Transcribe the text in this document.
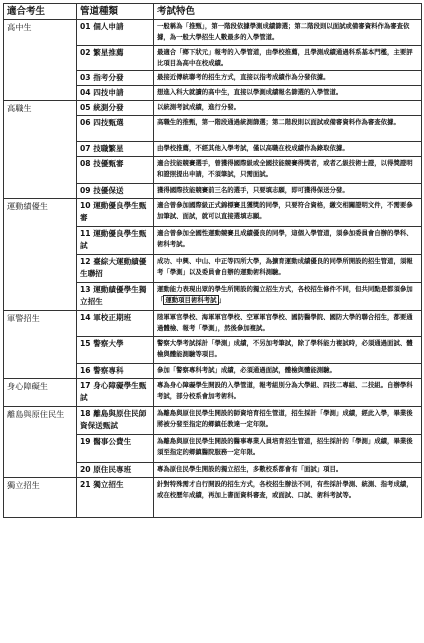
適合考生	管道種類	考試特色
高中生	01 個人申請	一般稱為「推甄」，第一階段依據學測成績篩選；第二階段則以面試或備審資料作為審查依據，為一般大學招生人數最多的入學管道。
	02 繁星推薦	最適合「鄉下狀元」報考的入學管道，由學校推薦，且學測成績通過科系基本門檻，主要評比項目為高中在校成績。
	03 指考分發	最接近傳統聯考的招生方式，直接以指考成績作為分發依據。
	04 四技申請	想進入科大就讀的高中生，直接以學測成績報名篩選的入學管道。
高職生	05 統測分發	以統測考試成績，進行分發。
	06 四技甄選	高職生的推甄，第一階段通過統測篩選；第二階段則以面試或備審資料作為審查依據。
	07 技職繁星	由學校推薦，不經其他入學考試，僅以高職在校成績作為錄取依據。
	08 技優甄審	適合技能競賽選手，曾獲得國際級或全國技能競賽得獎者，或者乙級技術士證，以得獎證明和證照提出申請，不須筆試，只需面試。
	09 技優保送	獲得國際技能競賽前三名的選手，只要填志願，即可獲得保送分發。
運動績優生	10 運動優良學生甄審	適合曾參加國際級正式錦標賽且獲獎的同學，只要符合資格，繳交相關證明文件，不需要參加筆試、面試，就可以直接選填志願。
	11 運動優良學生甄試	適合曾參加全國性運動競賽且成績優良的同學，這個入學管道，須參加委員會自辦的學科、術科考試。
	12 臺綜大運動績優生聯招	成功、中興、中山、中正等四所大學，為擴育運動成績優良的同學所開設的招生管道，須報考「學測」以及委員會自辦的運動術科測驗。
	13 運動績優學生獨立招生	運動能力表現出眾的學生所開設的獨立招生方式，各校招生條件不同，但共同點是都須參加「 運動項目術科考試 」
軍警招生	14 軍校正期班	陸軍軍官學校、海軍軍官學校、空軍軍官學校、國防醫學院、國防大學的聯合招生，都要通過體檢、報考「學測」，然後參加複試。
	15 警察大學	警察大學考試採計「學測」成績，不另加考筆試，除了學科能力複試時，必須通過面試、體檢與體能測驗等項目。
	16 警察專科	參加「警察專科考試」成績，必須通過面試，體檢與體能測驗。
身心障礙生	17 身心障礙學生甄試	專為身心障礙學生開設的入學管道，報考組別分為大學組、四技二專組、二技組。自辦學科考試，部分校系會加考術科。
離島與原住民生	18 離島與原住民師資保送甄試	為離島與原住民學生開設的師資培育招生管道，招生採計「學測」成績，經此入學，畢業後將被分發至指定的鄉鎮任教達一定年限。
	19 醫事公費生	為離島與原住民學生開設的醫事專業人員培育招生管道，招生採計的「學測」成績，畢業後須至指定的鄉鎮醫院服務一定年限。
	20 原住民專班	專為原住民學生開設的獨立招生，多數校系都會有「面試」項目。
獨立招生	21 獨立招生	針對特殊需才自行開設的招生方式，各校招生辦法不同，有些採計學測、統測、指考成績，或在校歷年成績，再加上書面資料審查，或面試、口試、術科考試等。
